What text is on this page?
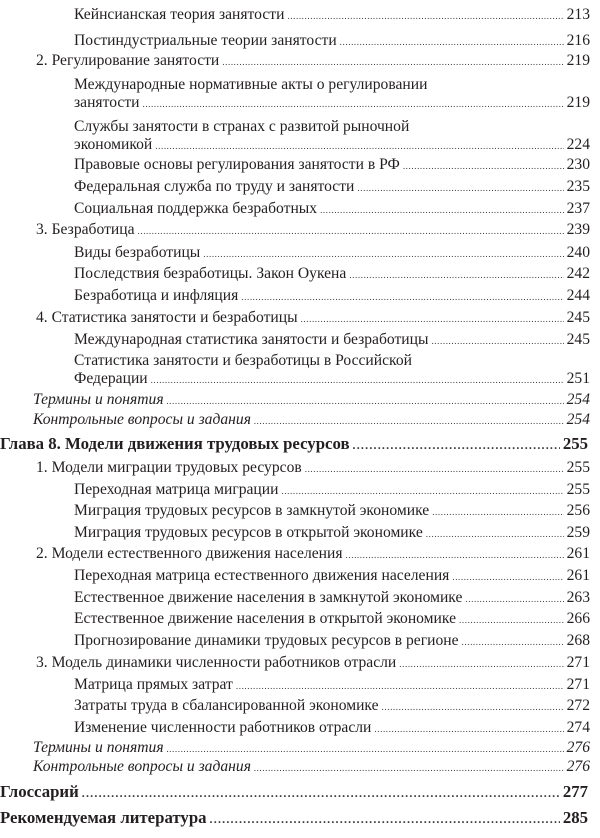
Кейнсианская теория занятости .....	213
Постиндустриальные теории занятости .....	216
2. Регулирование занятости .....	219
Международные нормативные акты о регулировании
занятости .....	219
Службы занятости в странах с развитой рыночной
экономикой .....	224
Правовые основы регулирования занятости в РФ .....	230
Федеральная служба по труду и занятости .....	235
Социальная поддержка безработных .....	237
3. Безработица .....	239
Виды безработицы .....	240
Последствия безработицы. Закон Оукена .....	242
Безработица и инфляция .....	244
4. Статистика занятости и безработицы .....	245
Международная статистика занятости и безработицы .....	245
Статистика занятости и безработицы в Российской
Федерации .....	251
Термины и понятия .....	254
Контрольные вопросы и задания .....	254
Глава 8. Модели движения трудовых ресурсов .....	255
1. Модели миграции трудовых ресурсов .....	255
Переходная матрица миграции .....	255
Миграция трудовых ресурсов в замкнутой экономике .....	256
Миграция трудовых ресурсов в открытой экономике .....	259
2. Модели естественного движения населения .....	261
Переходная матрица естественного движения населения .....	261
Естественное движение населения в замкнутой экономике .....	263
Естественное движение населения в открытой экономике .....	266
Прогнозирование динамики трудовых ресурсов в регионе .....	268
3. Модель динамики численности работников отрасли .....	271
Матрица прямых затрат .....	271
Затраты труда в сбалансированной экономике .....	272
Изменение численности работников отрасли .....	274
Термины и понятия .....	276
Контрольные вопросы и задания .....	276
Глоссарий .....	277
Рекомендуемая литература .....	285
